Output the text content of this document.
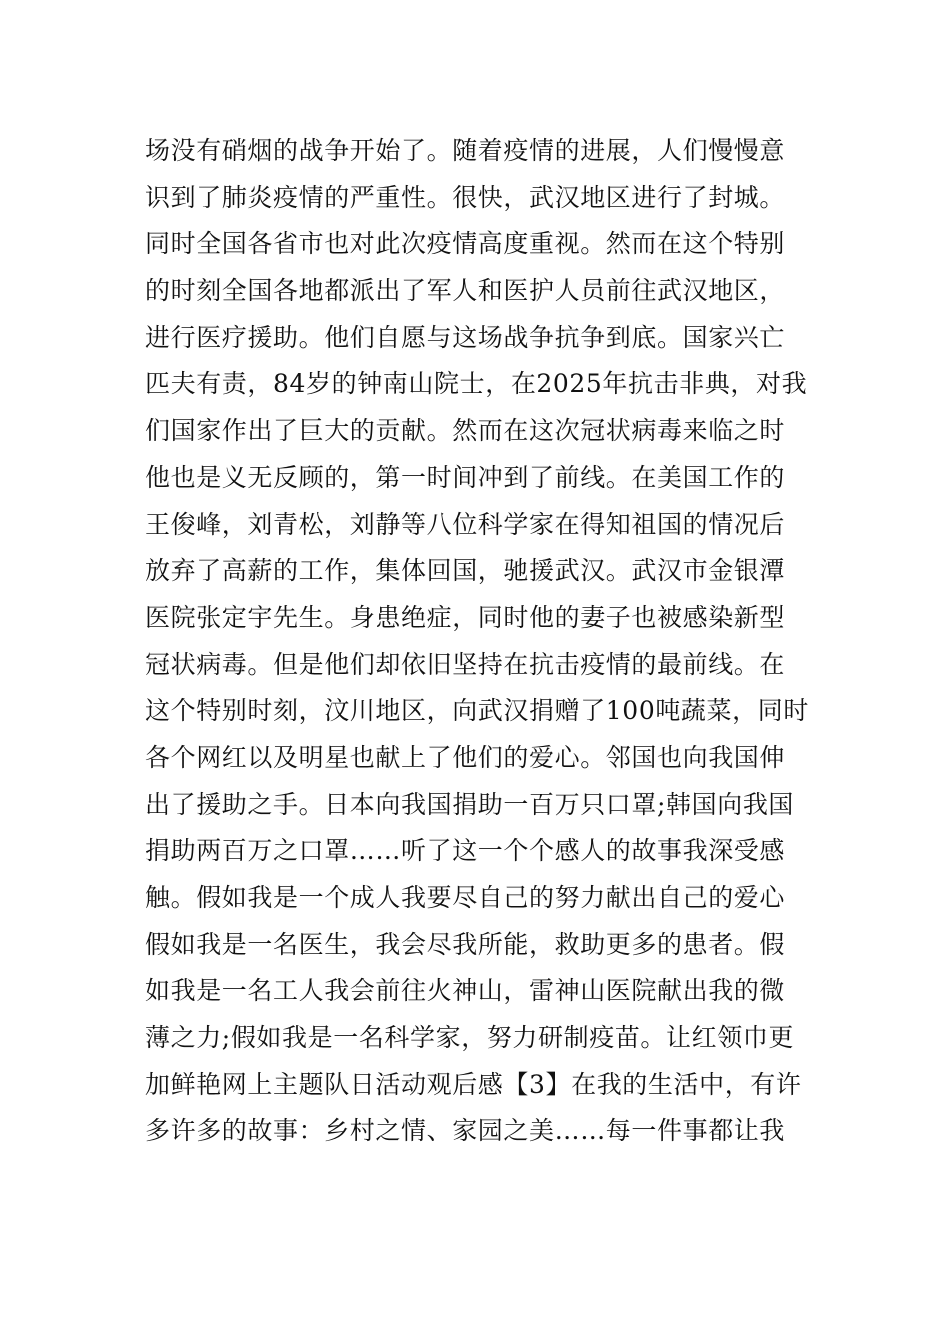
场没有硝烟的战争开始了。随着疫情的进展，人们慢慢意
识到了肺炎疫情的严重性。很快，武汉地区进行了封城。
同时全国各省市也对此次疫情高度重视。然而在这个特别
的时刻全国各地都派出了军人和医护人员前往武汉地区，
进行医疗援助。他们自愿与这场战争抗争到底。国家兴亡
匹夫有责，84岁的钟南山院士，在2025年抗击非典，对我
们国家作出了巨大的贡献。然而在这次冠状病毒来临之时
他也是义无反顾的，第一时间冲到了前线。在美国工作的
王俊峰，刘青松，刘静等八位科学家在得知祖国的情况后
放弃了高薪的工作，集体回国，驰援武汉。武汉市金银潭
医院张定宇先生。身患绝症，同时他的妻子也被感染新型
冠状病毒。但是他们却依旧坚持在抗击疫情的最前线。在
这个特别时刻，汶川地区，向武汉捐赠了100吨蔬菜，同时
各个网红以及明星也献上了他们的爱心。邻国也向我国伸
出了援助之手。日本向我国捐助一百万只口罩;韩国向我国
捐助两百万之口罩……听了这一个个感人的故事我深受感
触。假如我是一个成人我要尽自己的努力献出自己的爱心
假如我是一名医生，我会尽我所能，救助更多的患者。假
如我是一名工人我会前往火神山，雷神山医院献出我的微
薄之力;假如我是一名科学家，努力研制疫苗。让红领巾更
加鲜艳网上主题队日活动观后感【3】在我的生活中，有许
多许多的故事：乡村之情、家园之美……每一件事都让我
